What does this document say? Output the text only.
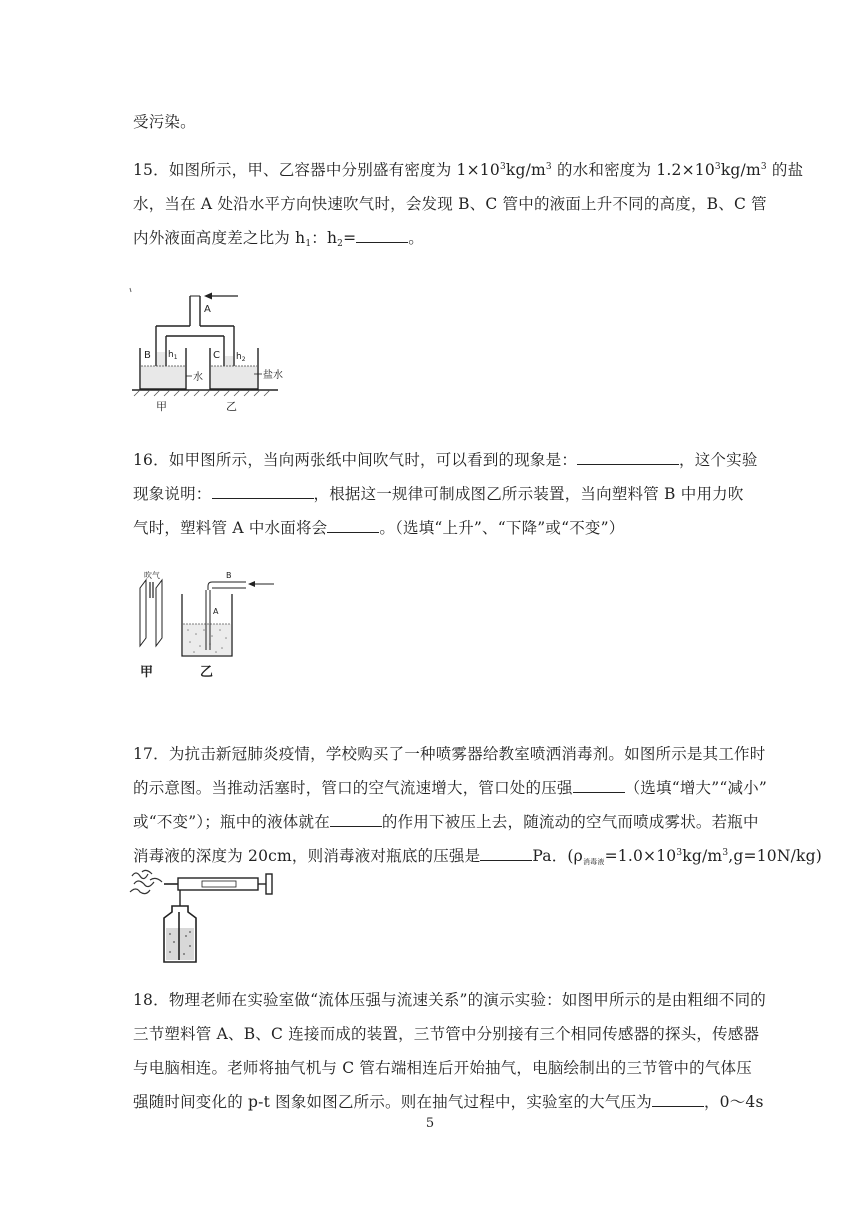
受污染。
15．如图所示，甲、乙容器中分别盛有密度为 $1\times 10^3kg/m^3$ 的水和密度为 $1.2\times 10^3kg/m^3$ 的盐
水，当在 A 处沿水平方向快速吹气时，会发现 B、C 管中的液面上升不同的高度，B、C 管
内外液面高度差之比为 $h_1$：$h_2=$	。
A
B	C
$h_1$	$h_2$
水	盐水
甲	乙
16．如甲图所示，当向两张纸中间吹气时，可以看到的现象是：	，这个实验
现象说明：	，根据这一规律可制成图乙所示装置，当向塑料管 B 中用力吹
气时，塑料管 A 中水面将会	。（选填“上升”、“下降”或“不变”）
吹气
A
B
甲	乙
17．为抗击新冠肺炎疫情，学校购买了一种喷雾器给教室喷洒消毒剂。如图所示是其工作时
的示意图。当推动活塞时，管口的空气流速增大，管口处的压强	（选填“增大”“减小”
或“不变”）；瓶中的液体就在	的作用下被压上去，随流动的空气而喷成雾状。若瓶中
消毒液的深度为 20cm，则消毒液对瓶底的压强是	Pa．$(\rho_{消毒液}=1.0\times 10^3kg/m^3,g=10N/kg)$
18．物理老师在实验室做“流体压强与流速关系”的演示实验：如图甲所示的是由粗细不同的
三节塑料管 A、B、C 连接而成的装置，三节管中分别接有三个相同传感器的探头，传感器
与电脑相连。老师将抽气机与 C 管右端相连后开始抽气，电脑绘制出的三节管中的气体压
强随时间变化的 p-t 图象如图乙所示。则在抽气过程中，实验室的大气压为	，0～4s
5
